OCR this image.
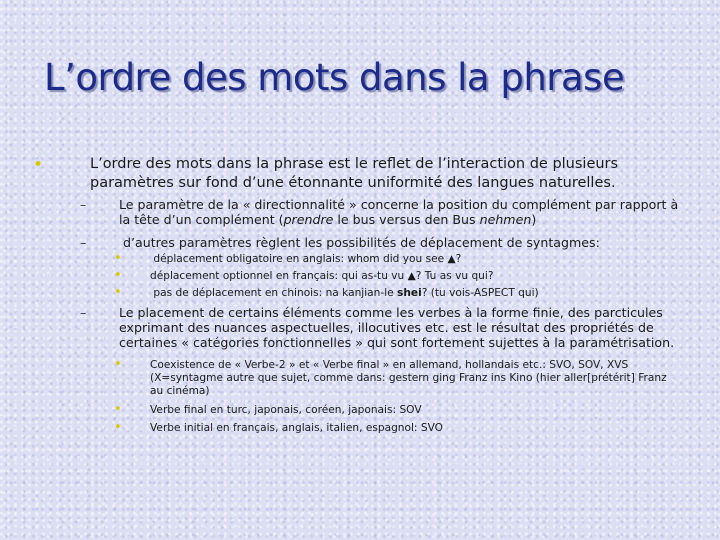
L’ordre des mots dans la phrase
•	L’ordre des mots dans la phrase est le reflet de l’interaction de plusieurs
paramètres sur fond d’une étonnante uniformité des langues naturelles.
–	Le paramètre de la « directionnalité » concerne la position du complément par rapport à
la tête d’un complément (prendre le bus versus den Bus nehmen)
–	d’autres paramètres règlent les possibilités de déplacement de syntagmes:
•	déplacement obligatoire en anglais: whom did you see ▲?
•	déplacement optionnel en français: qui as-tu vu ▲? Tu as vu qui?
•	pas de déplacement en chinois: na kanjian-le shei? (tu vois-ASPECT qui)
–	Le placement de certains éléments comme les verbes à la forme finie, des parcticules
exprimant des nuances aspectuelles, illocutives etc. est le résultat des propriétés de
certaines « catégories fonctionnelles » qui sont fortement sujettes à la paramétrisation.
•	Coexistence de « Verbe-2 » et « Verbe final » en allemand, hollandais etc.: SVO, SOV, XVS
(X=syntagme autre que sujet, comme dans: gestern ging Franz ins Kino (hier aller[prétérit] Franz
au cinéma)
•	Verbe final en turc, japonais, coréen, japonais: SOV
•	Verbe initial en français, anglais, italien, espagnol: SVO
